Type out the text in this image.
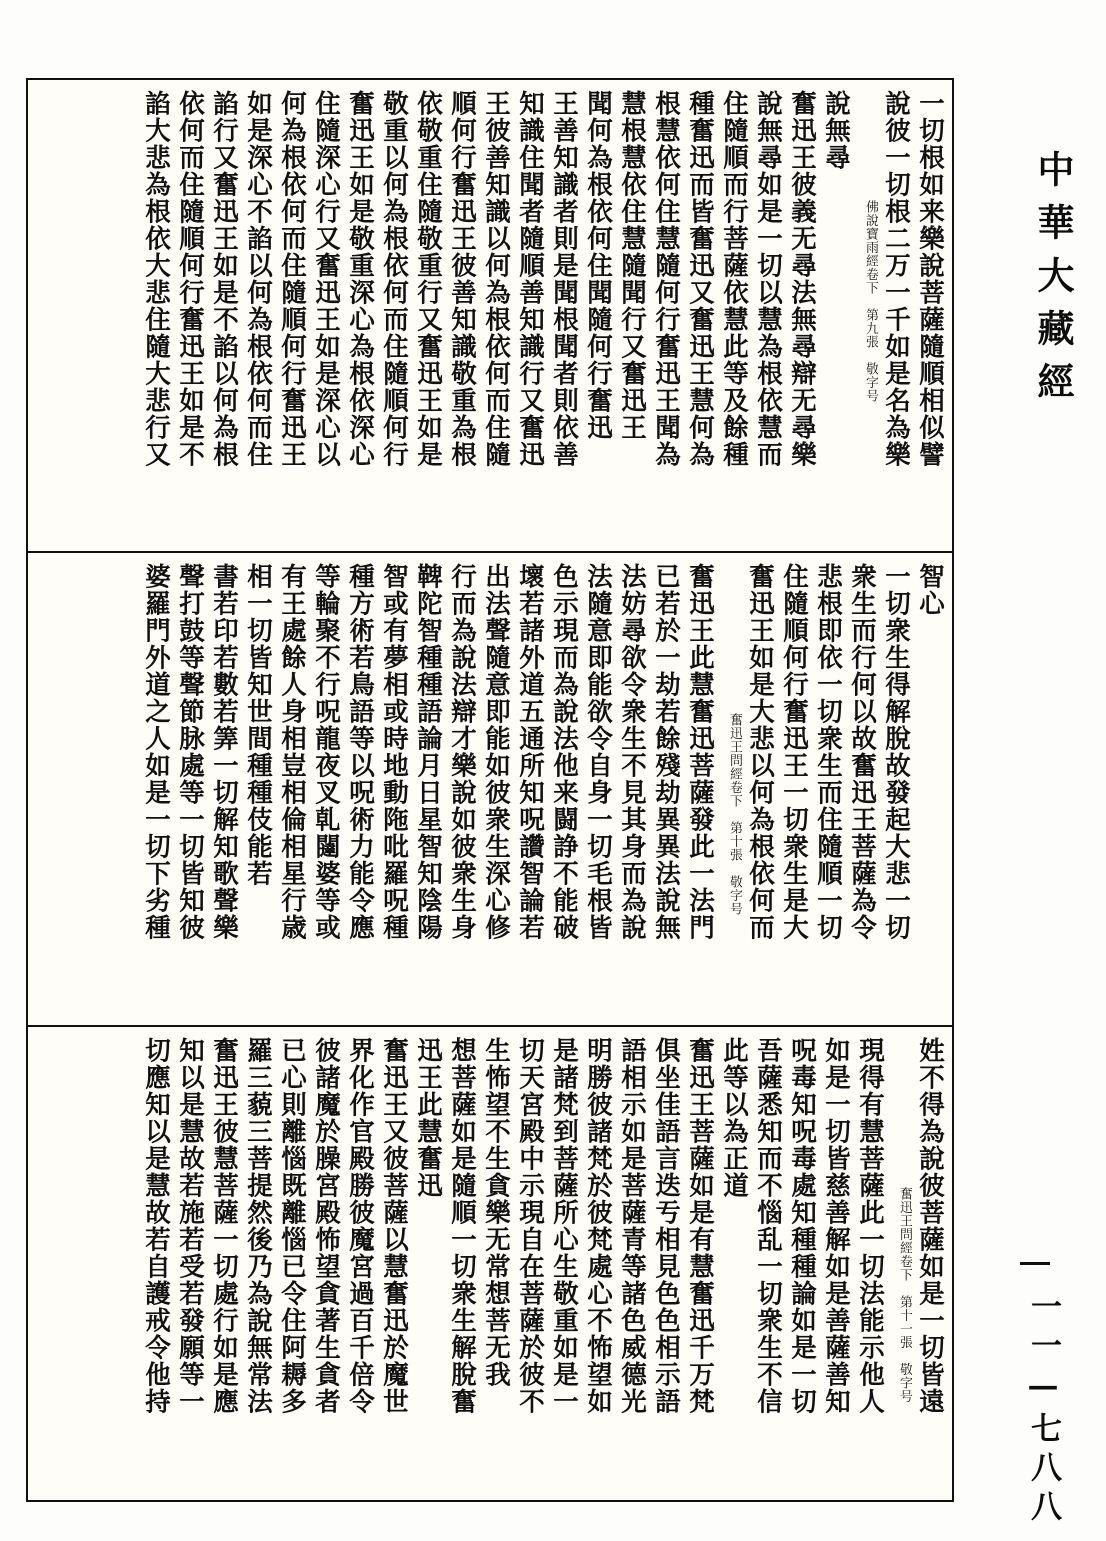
中華大藏經
一一—七八八
一切根如来樂說菩薩隨順相似譬
說彼一切根二万一千如是名為樂
佛說寶雨經卷下　第九張　敬字号
說無尋
奮迅王彼義无尋法無尋辯无尋樂
說無尋如是一切以慧為根依慧而
住隨順而行菩薩依慧此等及餘種
種奮迅而皆奮迅又奮迅王慧何為
根慧依何住慧隨何行奮迅王聞為
慧根慧依住慧隨聞行又奮迅王
聞何為根依何住聞隨何行奮迅
王善知識者則是聞根聞者則依善
知識住聞者隨順善知識行又奮迅
王彼善知識以何為根依何而住隨
順何行奮迅王彼善知識敬重為根
依敬重住隨敬重行又奮迅王如是
敬重以何為根依何而住隨順何行
奮迅王如是敬重深心為根依深心
住隨深心行又奮迅王如是深心以
何為根依何而住隨順何行奮迅王
如是深心不諂以何為根依何而住
諂行又奮迅王如是不諂以何為根
依何而住隨順何行奮迅王如是不
諂大悲為根依大悲住隨大悲行又
智心
一切衆生得解脫故發起大悲一切
衆生而行何以故奮迅王菩薩為令
悲根即依一切衆生而住隨順一切
住隨順何行奮迅王一切衆生是大
奮迅王如是大悲以何為根依何而
奮迅王問經卷下　第十張　敬字号
奮迅王此慧奮迅菩薩發此一法門
已若於一劫若餘殘劫異異法說無
法妨尋欲令衆生不見其身而為說
法隨意即能欲令自身一切毛根皆
色示現而為說法他来闘諍不能破
壞若諸外道五通所知呪讚智論若
出法聲隨意即能如彼衆生深心修
行而為說法辯才樂說如彼衆生身
鞞陀智種種語論月日星智知陰陽
智或有夢相或時地動陁吡羅呪種
種方術若鳥語等以呪術力能令應
等輪聚不行呪龍夜叉乹闥婆等或
有王處餘人身相豈相倫相星行歳
相一切皆知世間種種伎能若
書若印若數若筭一切解知歌聲樂
聲打鼓等聲節脉處等一切皆知彼
婆羅門外道之人如是一切下劣種
姓不得為說彼菩薩如是一切皆遠
奮迅王問經卷下　第十一張　敬字号
現得有慧菩薩此一切法能示他人
如是一切皆慈善解如是善薩善知
呪毒知呪毒處知種種論如是一切
吾薩悉知而不惱乱一切衆生不信
此等以為正道
奮迅王菩薩如是有慧奮迅千万梵
俱坐佳語言迭亐相見色色相示語
語相示如是菩薩青等諸色威德光
明勝彼諸梵於彼梵處心不怖望如
是諸梵到菩薩所心生敬重如是一
切天宮殿中示現自在菩薩於彼不
生怖望不生貪樂无常想菩无我
想菩薩如是隨順一切衆生解脫奮
迅王此慧奮迅
奮迅王又彼菩薩以慧奮迅於魔世
界化作官殿勝彼魔宮過百千倍令
彼諸魔於臊宮殿怖望貪著生貪者
已心則離惱既離惱已令住阿耨多
羅三藐三菩提然後乃為說無常法
奮迅王彼慧菩薩一切處行如是應
知以是慧故若施若受若發願等一
切應知以是慧故若自護戒令他持
